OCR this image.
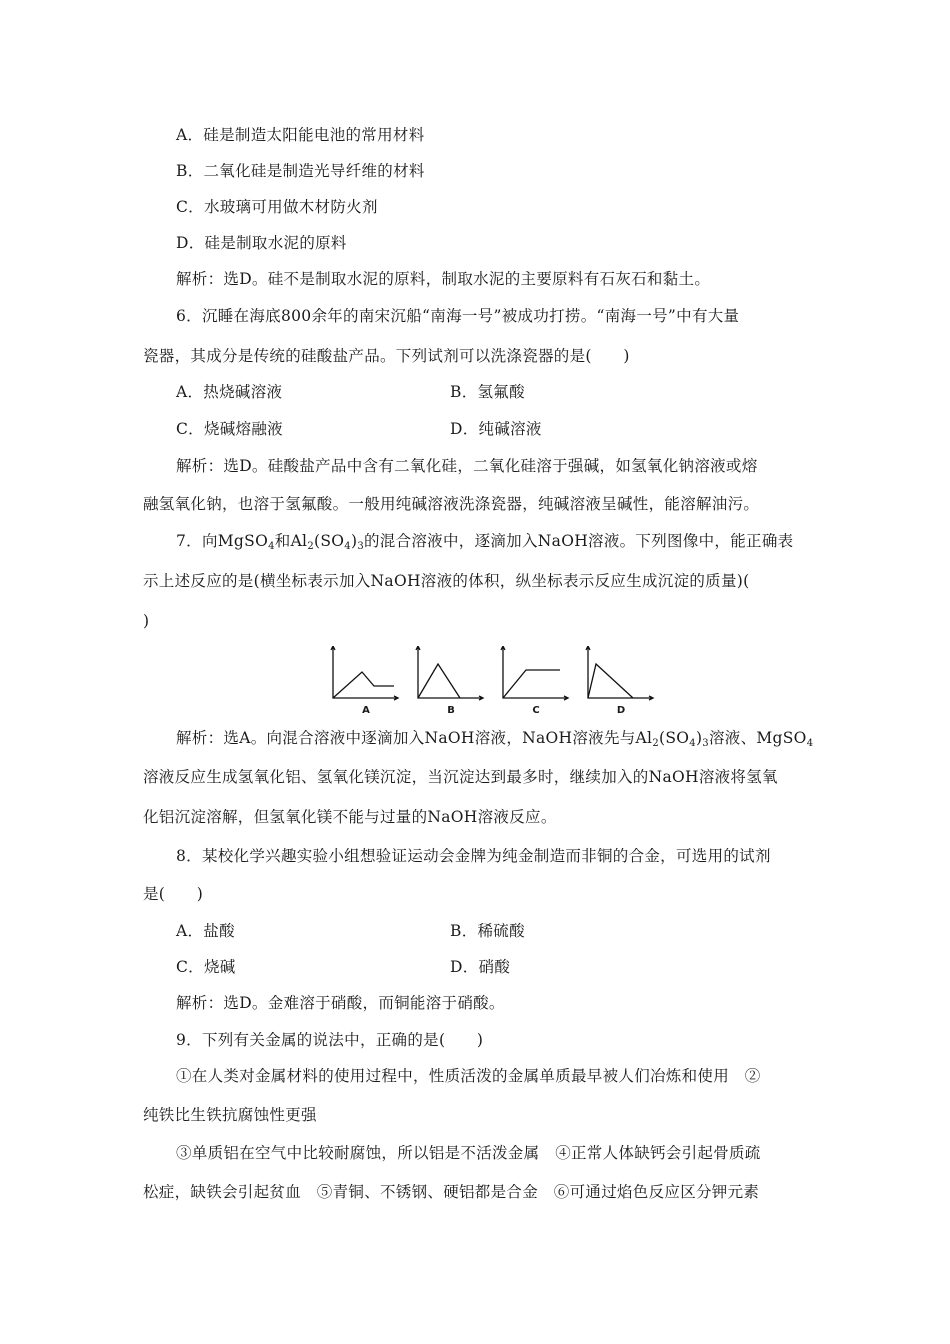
A．硅是制造太阳能电池的常用材料
B．二氧化硅是制造光导纤维的材料
C．水玻璃可用做木材防火剂
D．硅是制取水泥的原料
解析：选D。硅不是制取水泥的原料，制取水泥的主要原料有石灰石和黏土。
6．沉睡在海底800余年的南宋沉船“南海一号”被成功打捞。“南海一号”中有大量
瓷器，其成分是传统的硅酸盐产品。下列试剂可以洗涤瓷器的是(　　)
A．热烧碱溶液	B．氢氟酸
C．烧碱熔融液	D．纯碱溶液
解析：选D。硅酸盐产品中含有二氧化硅，二氧化硅溶于强碱，如氢氧化钠溶液或熔
融氢氧化钠，也溶于氢氟酸。一般用纯碱溶液洗涤瓷器，纯碱溶液呈碱性，能溶解油污。
7．向MgSO$_4$和$Al_2(SO_4)_3$的混合溶液中，逐滴加入NaOH溶液。下列图像中，能正确表
示上述反应的是(横坐标表示加入NaOH溶液的体积，纵坐标表示反应生成沉淀的质量)(
)
A	B	C	D
解析：选A。向混合溶液中逐滴加入NaOH溶液，NaOH溶液先与$Al_2(SO_4)_3$溶液、MgSO$_4$
溶液反应生成氢氧化铝、氢氧化镁沉淀，当沉淀达到最多时，继续加入的NaOH溶液将氢氧
化铝沉淀溶解，但氢氧化镁不能与过量的NaOH溶液反应。
8．某校化学兴趣实验小组想验证运动会金牌为纯金制造而非铜的合金，可选用的试剂
是(　　)
A．盐酸	B．稀硫酸
C．烧碱	D．硝酸
解析：选D。金难溶于硝酸，而铜能溶于硝酸。
9．下列有关金属的说法中，正确的是(　　)
①在人类对金属材料的使用过程中，性质活泼的金属单质最早被人们冶炼和使用　②
纯铁比生铁抗腐蚀性更强
③单质铝在空气中比较耐腐蚀，所以铝是不活泼金属　④正常人体缺钙会引起骨质疏
松症，缺铁会引起贫血　⑤青铜、不锈钢、硬铝都是合金　⑥可通过焰色反应区分钾元素
